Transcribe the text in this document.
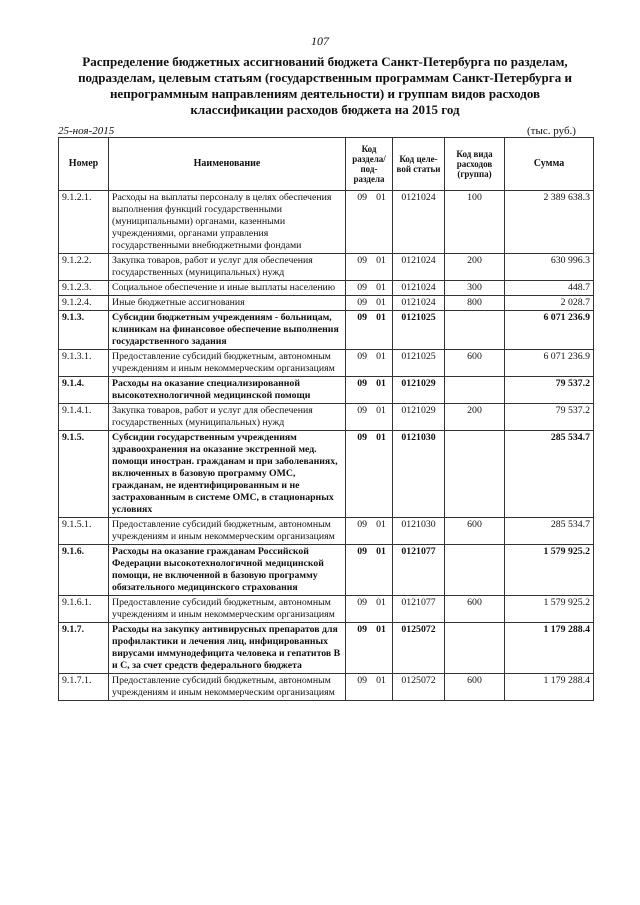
107
Распределение бюджетных ассигнований бюджета Санкт-Петербурга по разделам, подразделам, целевым статьям (государственным программам Санкт-Петербурга и непрограммным направлениям деятельности) и группам видов расходов классификации расходов бюджета на 2015 год
25-ноя-2015	(тыс. руб.)
Номер	Наименование	Код раздела/ под-раздела	Код целе-вой статьи	Код вида расходов (группа)	Сумма
9.1.2.1.	Расходы на выплаты персоналу в целях обеспечения выполнения функций государственными (муниципальными) органами, казенными учреждениями, органами управления государственными внебюджетными фондами	09 01	0121024	100	2 389 638.3
9.1.2.2.	Закупка товаров, работ и услуг для обеспечения государственных (муниципальных) нужд	09 01	0121024	200	630 996.3
9.1.2.3.	Социальное обеспечение и иные выплаты населению	09 01	0121024	300	448.7
9.1.2.4.	Иные бюджетные ассигнования	09 01	0121024	800	2 028.7
9.1.3.	Субсидии бюджетным учреждениям - больницам, клиникам на финансовое обеспечение выполнения государственного задания	09 01	0121025		6 071 236.9
9.1.3.1.	Предоставление субсидий бюджетным, автономным учреждениям и иным некоммерческим организациям	09 01	0121025	600	6 071 236.9
9.1.4.	Расходы на оказание специализированной высокотехнологичной медицинской помощи	09 01	0121029		79 537.2
9.1.4.1.	Закупка товаров, работ и услуг для обеспечения государственных (муниципальных) нужд	09 01	0121029	200	79 537.2
9.1.5.	Субсидии государственным учреждениям здравоохранения на оказание экстренной мед. помощи иностран. гражданам и при заболеваниях, включенных в базовую программу ОМС, гражданам, не идентифицированным и не застрахованным в системе ОМС, в стационарных условиях	09 01	0121030		285 534.7
9.1.5.1.	Предоставление субсидий бюджетным, автономным учреждениям и иным некоммерческим организациям	09 01	0121030	600	285 534.7
9.1.6.	Расходы на оказание гражданам Российской Федерации высокотехнологичной медицинской помощи, не включенной в базовую программу обязательного медицинского страхования	09 01	0121077		1 579 925.2
9.1.6.1.	Предоставление субсидий бюджетным, автономным учреждениям и иным некоммерческим организациям	09 01	0121077	600	1 579 925.2
9.1.7.	Расходы на закупку антивирусных препаратов для профилактики и лечения лиц, инфицированных вирусами иммунодефицита человека и гепатитов В и С, за счет средств федерального бюджета	09 01	0125072		1 179 288.4
9.1.7.1.	Предоставление субсидий бюджетным, автономным учреждениям и иным некоммерческим организациям	09 01	0125072	600	1 179 288.4
